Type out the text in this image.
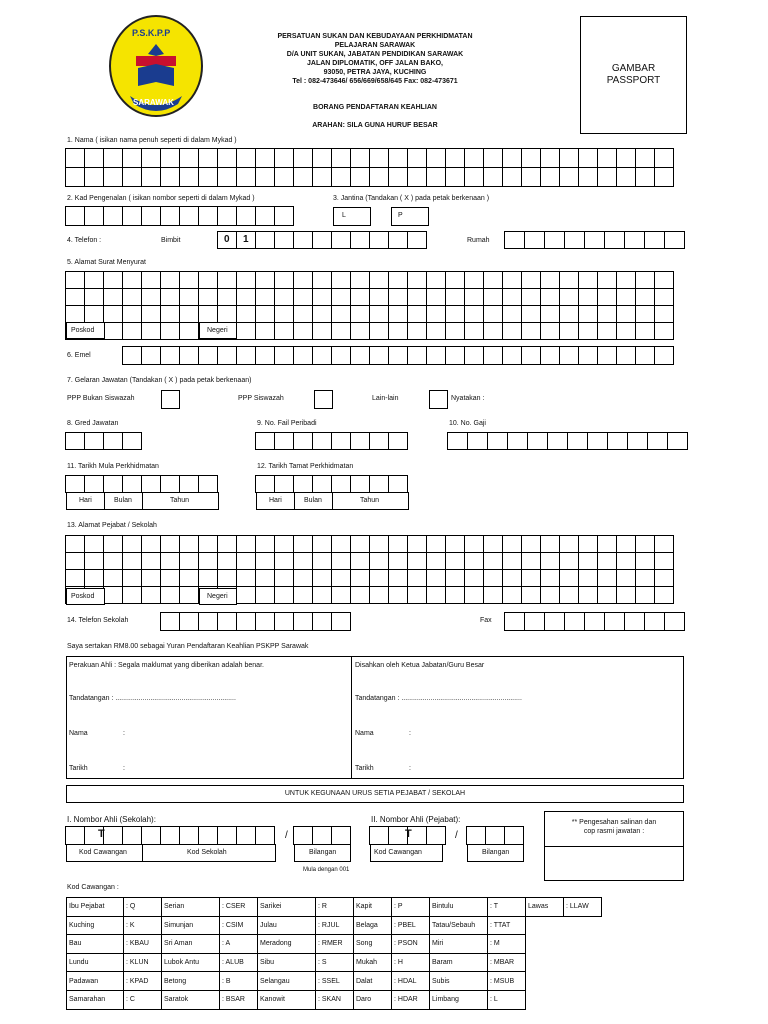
P.S.K.P.P
SARAWAK
PERSATUAN SUKAN DAN KEBUDAYAAN PERKHIDMATAN
PELAJARAN SARAWAK
D/A UNIT SUKAN, JABATAN PENDIDIKAN SARAWAK
JALAN DIPLOMATIK, OFF JALAN BAKO,
93050, PETRA JAYA, KUCHING
Tel : 082-473646/ 656/669/658/645 Fax: 082-473671
BORANG PENDAFTARAN KEAHLIAN
ARAHAN: SILA GUNA HURUF BESAR
GAMBAR
PASSPORT
1. Nama ( isikan nama penuh seperti di dalam Mykad )
2. Kad Pengenalan ( isikan nombor seperti di dalam Mykad )	3. Jantina (Tandakan ( X ) pada petak berkenaan )
L	P
4. Telefon :	Bimbit	0 1	Rumah
5. Alamat Surat Menyurat
Poskod	Negeri
6. Emel
7. Gelaran Jawatan (Tandakan ( X ) pada petak berkenaan)
PPP Bukan Siswazah	PPP Siswazah	Lain-lain	Nyatakan :
8. Gred Jawatan	9. No. Fail Peribadi	10. No. Gaji
11. Tarikh Mula Perkhidmatan
Hari	Bulan	Tahun
12. Tarikh Tamat Perkhidmatan
Hari	Bulan	Tahun
13. Alamat Pejabat / Sekolah
Poskod	Negeri
14. Telefon Sekolah	Fax
Saya sertakan RM8.00 sebagai Yuran Pendaftaran Keahlian PSKPP Sarawak
Perakuan Ahli : Segala maklumat yang diberikan adalah benar.
Tandatangan : ..............................................................
Nama	:
Tarikh	:
Disahkan oleh Ketua Jabatan/Guru Besar
Tandatangan : ..............................................................
Nama	:
Tarikh	:
UNTUK KEGUNAAN URUS SETIA PEJABAT / SEKOLAH
I. Nombor Ahli (Sekolah):
T
Kod Cawangan	Kod Sekolah
/
Bilangan
Mula dengan 001
II. Nombor Ahli (Pejabat):
T
Kod Cawangan
/
Bilangan
** Pengesahan salinan dan
cop rasmi jawatan :
Kod Cawangan :
Ibu Pejabat	: Q	Serian	: CSER	Sarikei	: R	Kapit	: P	Bintulu	: T	Lawas	: LLAW
Kuching	: K	Simunjan	: CSIM	Julau	: RJUL	Belaga	: PBEL	Tatau/Sebauh	: TTAT		
Bau	: KBAU	Sri Aman	: A	Meradong	: RMER	Song	: PSON	Miri	: M		
Lundu	: KLUN	Lubok Antu	: ALUB	Sibu	: S	Mukah	: H	Baram	: MBAR		
Padawan	: KPAD	Betong	: B	Selangau	: SSEL	Dalat	: HDAL	Subis	: MSUB		
Samarahan	: C	Saratok	: BSAR	Kanowit	: SKAN	Daro	: HDAR	Limbang	: L		
